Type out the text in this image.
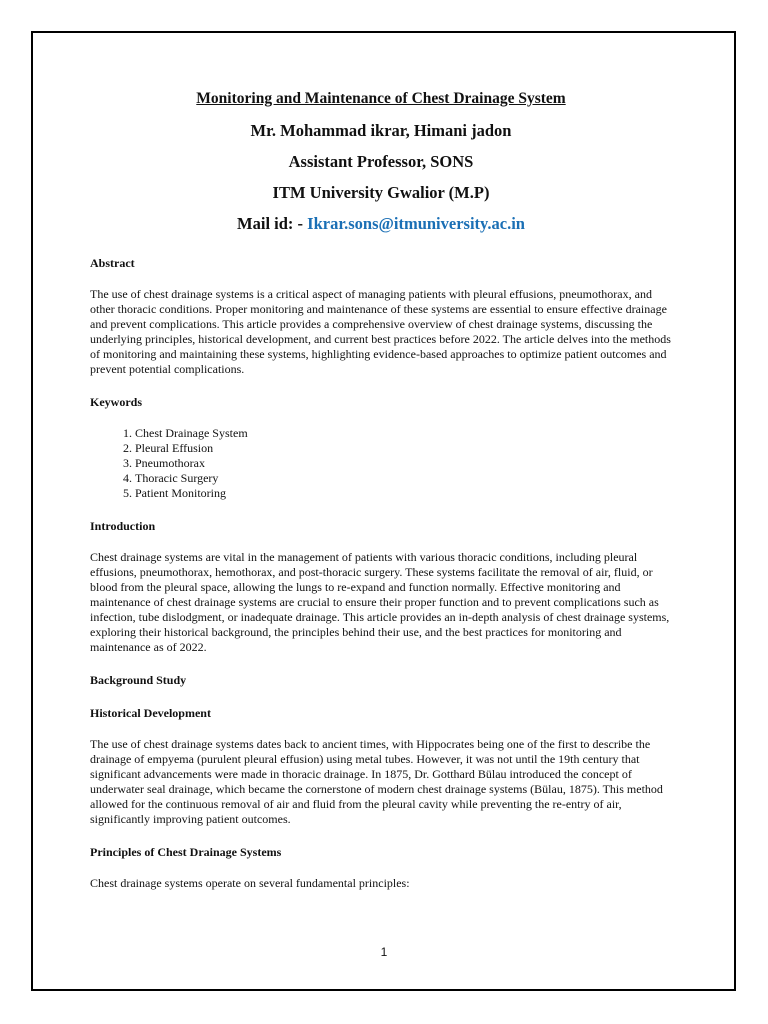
Monitoring and Maintenance of Chest Drainage System
Mr. Mohammad ikrar, Himani jadon
Assistant Professor, SONS
ITM University Gwalior (M.P)
Mail id: - Ikrar.sons@itmuniversity.ac.in
Abstract

The use of chest drainage systems is a critical aspect of managing patients with pleural effusions, pneumothorax, and other thoracic conditions. Proper monitoring and maintenance of these systems are essential to ensure effective drainage and prevent complications. This article provides a comprehensive overview of chest drainage systems, discussing the underlying principles, historical development, and current best practices before 2022. The article delves into the methods of monitoring and maintaining these systems, highlighting evidence-based approaches to optimize patient outcomes and prevent potential complications.

Keywords
1. Chest Drainage System
2. Pleural Effusion
3. Pneumothorax
4. Thoracic Surgery
5. Patient Monitoring
Introduction

Chest drainage systems are vital in the management of patients with various thoracic conditions, including pleural effusions, pneumothorax, hemothorax, and post-thoracic surgery. These systems facilitate the removal of air, fluid, or blood from the pleural space, allowing the lungs to re-expand and function normally. Effective monitoring and maintenance of chest drainage systems are crucial to ensure their proper function and to prevent complications such as infection, tube dislodgment, or inadequate drainage. This article provides an in-depth analysis of chest drainage systems, exploring their historical background, the principles behind their use, and the best practices for monitoring and maintenance as of 2022.

Background Study
Historical Development

The use of chest drainage systems dates back to ancient times, with Hippocrates being one of the first to describe the drainage of empyema (purulent pleural effusion) using metal tubes. However, it was not until the 19th century that significant advancements were made in thoracic drainage. In 1875, Dr. Gotthard Bülau introduced the concept of underwater seal drainage, which became the cornerstone of modern chest drainage systems (Bülau, 1875). This method allowed for the continuous removal of air and fluid from the pleural cavity while preventing the re-entry of air, significantly improving patient outcomes.

Principles of Chest Drainage Systems

Chest drainage systems operate on several fundamental principles:

1
